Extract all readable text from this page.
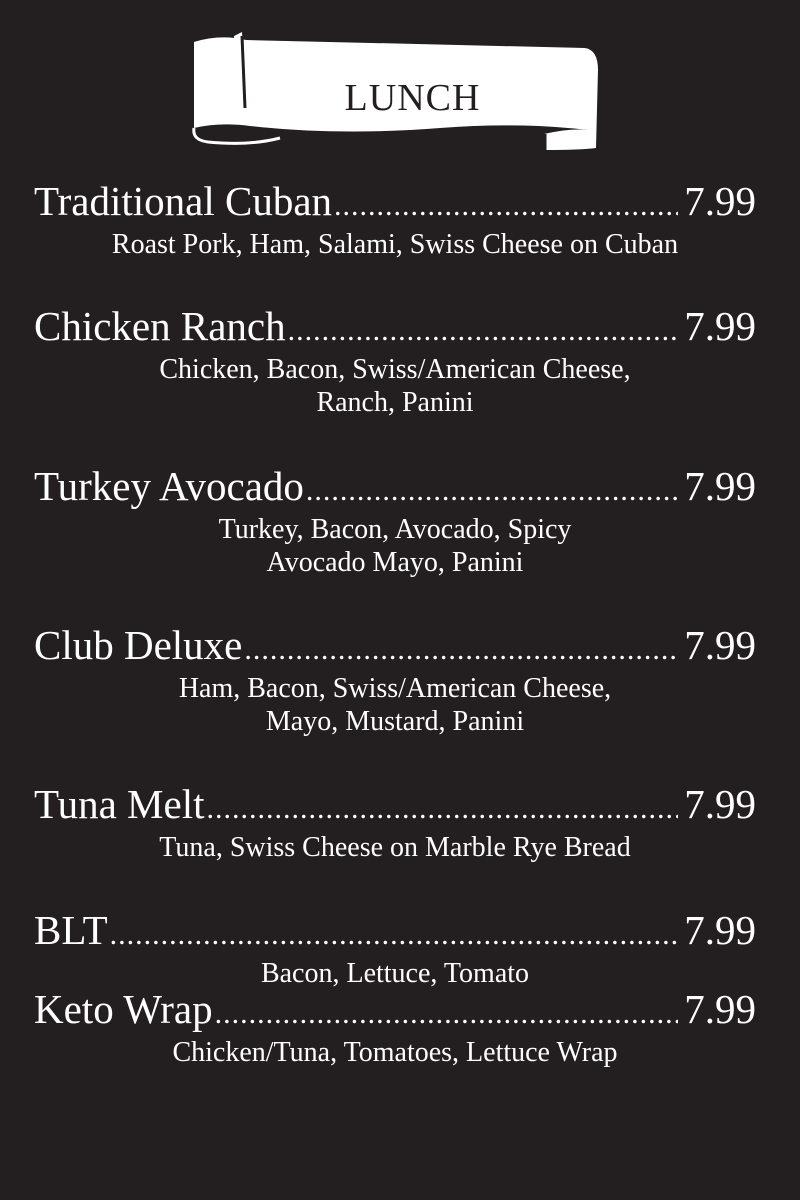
LUNCH
Traditional Cuban .....	7.99
Roast Pork, Ham, Salami, Swiss Cheese on Cuban
Chicken Ranch .....	7.99
Chicken, Bacon, Swiss/American Cheese,
Ranch, Panini
Turkey Avocado .....	7.99
Turkey, Bacon, Avocado, Spicy
Avocado Mayo, Panini
Club Deluxe .....	7.99
Ham, Bacon, Swiss/American Cheese,
Mayo, Mustard, Panini
Tuna Melt .....	7.99
Tuna, Swiss Cheese on Marble Rye Bread
BLT .....	7.99
Bacon, Lettuce, Tomato
Keto Wrap .....	7.99
Chicken/Tuna, Tomatoes, Lettuce Wrap
